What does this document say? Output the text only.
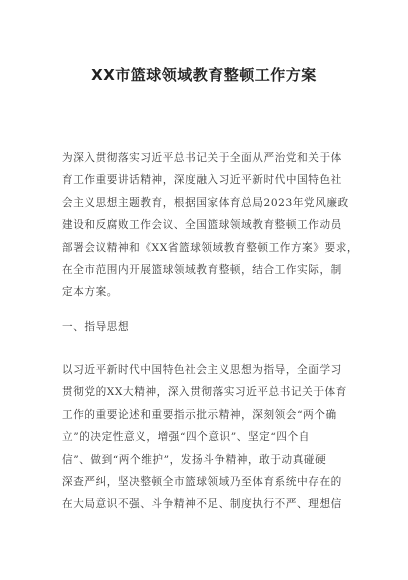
XX市篮球领域教育整顿工作方案
为深入贯彻落实习近平总书记关于全面从严治党和关于体
育工作重要讲话精神，深度融入习近平新时代中国特色社
会主义思想主题教育，根据国家体育总局2023年党风廉政
建设和反腐败工作会议、全国篮球领域教育整顿工作动员
部署会议精神和《XX省篮球领域教育整顿工作方案》要求，
在全市范围内开展篮球领域教育整顿，结合工作实际，制
定本方案。
一、指导思想
以习近平新时代中国特色社会主义思想为指导，全面学习
贯彻党的XX大精神，深入贯彻落实习近平总书记关于体育
工作的重要论述和重要指示批示精神，深刻领会“两个确
立”的决定性意义，增强“四个意识”、坚定“四个自
信”、做到“两个维护”，发扬斗争精神，敢于动真碰硬
深查严纠，坚决整顿全市篮球领域乃至体育系统中存在的
在大局意识不强、斗争精神不足、制度执行不严、理想信
